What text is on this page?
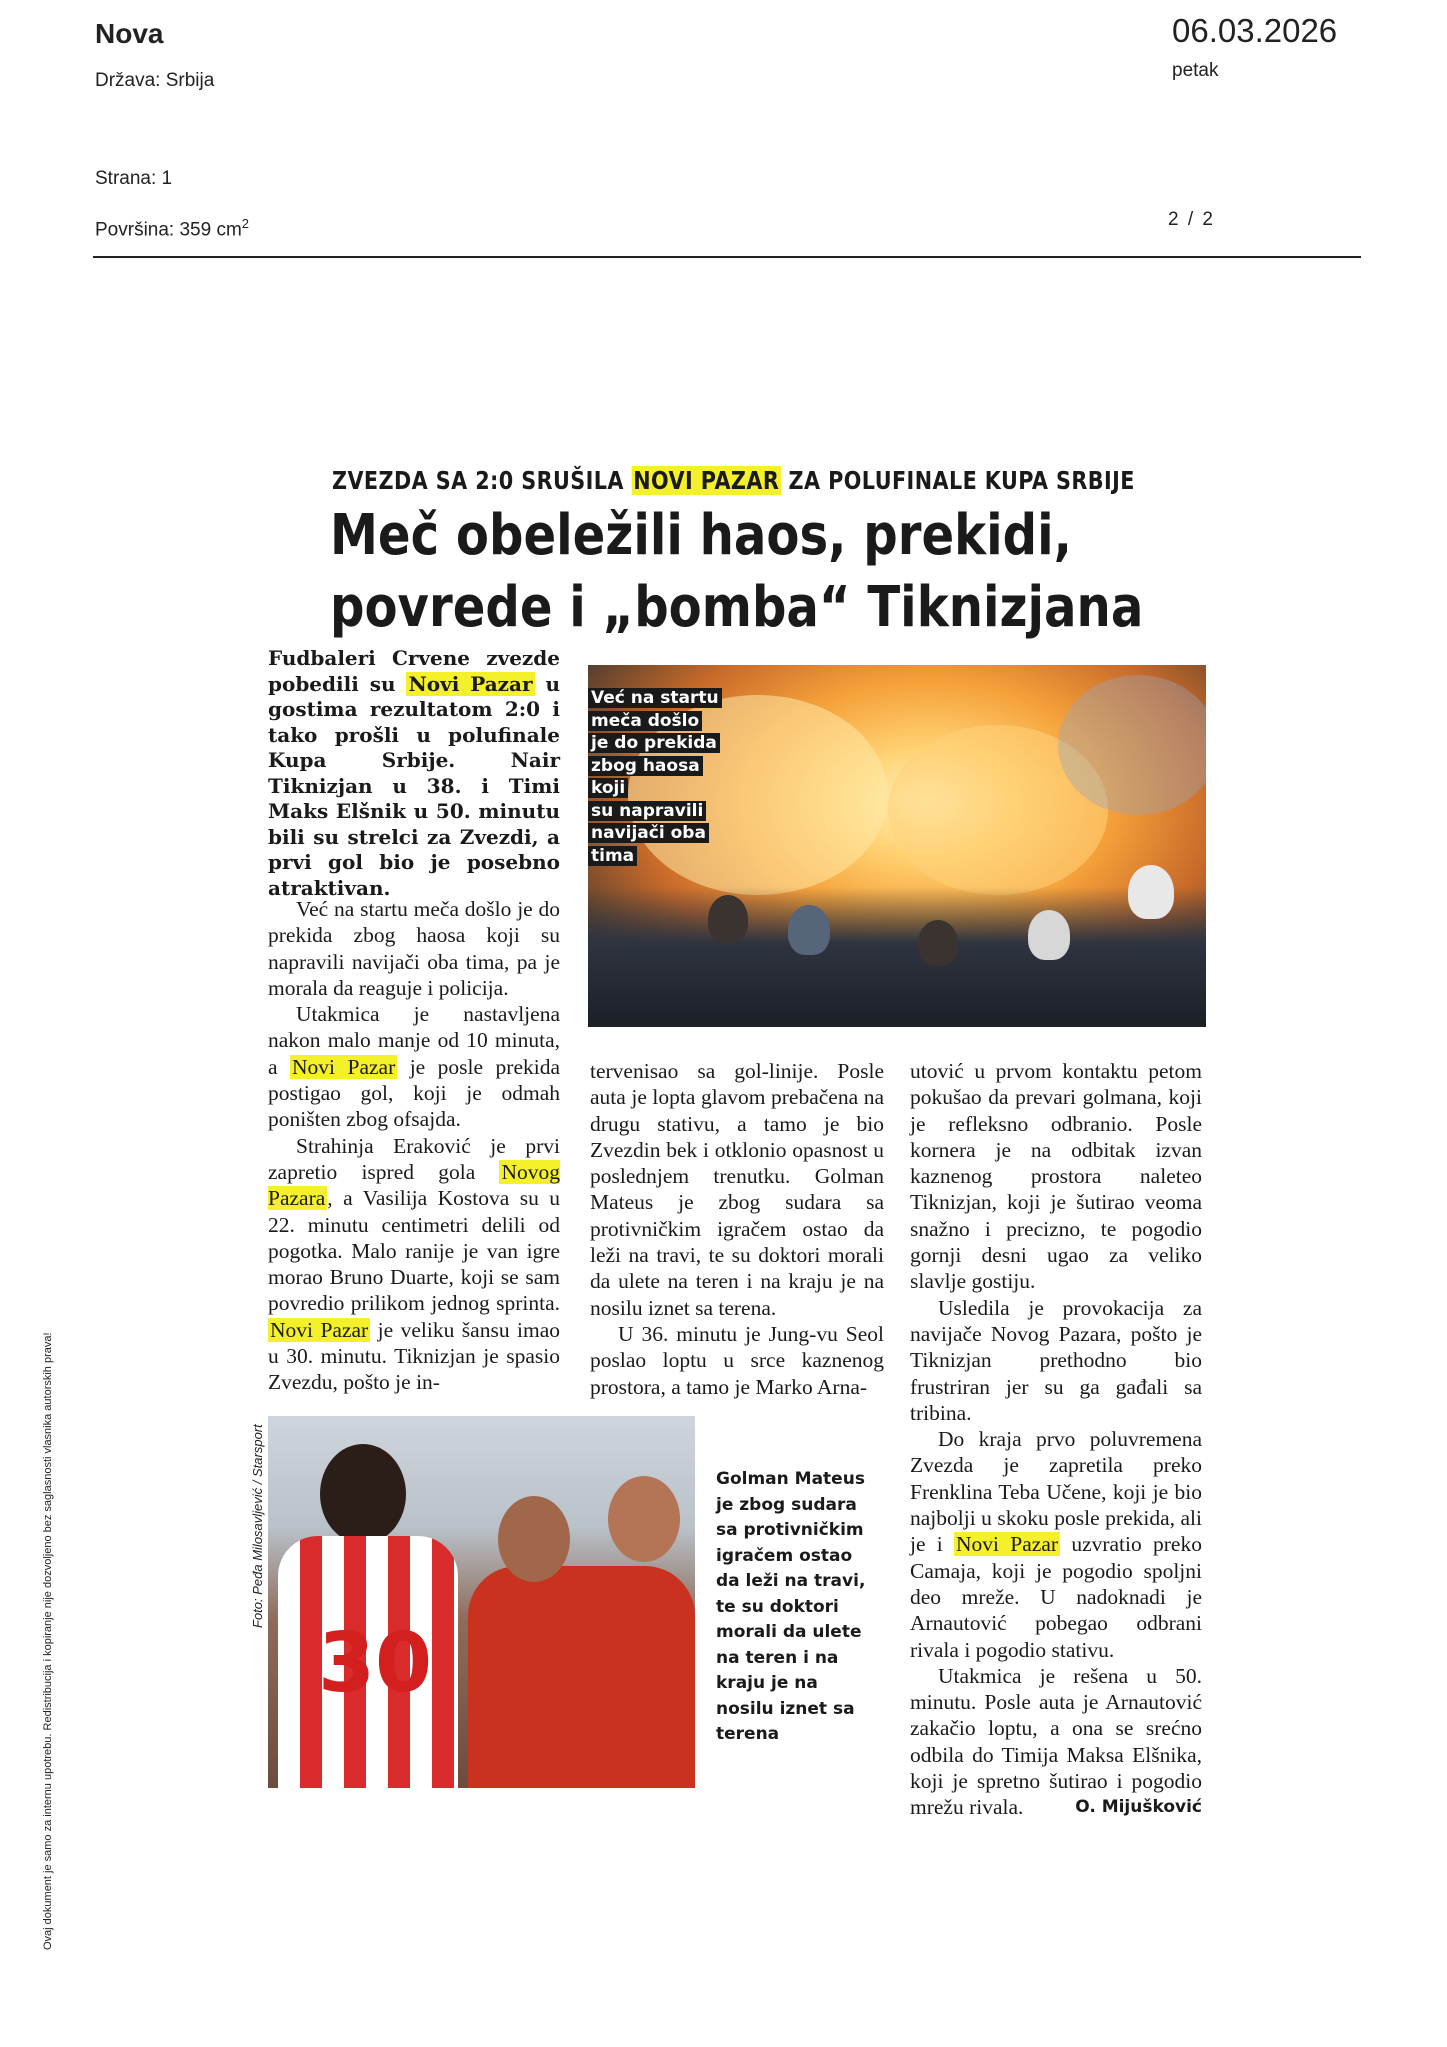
Nova
Država: Srbija
06.03.2026
petak
Strana: 1
Površina: 359 $cm^2$	2 / 2
Ovaj dokument je samo za internu upotrebu. Redistribucija i kopiranje nije dozvoljeno bez saglasnosti vlasnika autorskih prava!
ZVEZDA SA 2:0 SRUŠILA NOVI PAZAR ZA POLUFINALE KUPA SRBIJE
Meč obeležili haos, prekidi,
povrede i „bomba“ Tiknizjana
Fudbaleri Crvene zvezde pobedili su Novi Pazar u gostima rezultatom 2:0 i tako prošli u polufinale Kupa Srbije. Nair Tiknizjan u 38. i Timi Maks Elšnik u 50. minutu bili su strelci za Zvezdi, a prvi gol bio je posebno atraktivan.
Već na startu
meča došlo
je do prekida
zbog haosa koji
su napravili
navijači oba
tima

Već na startu meča došlo je do prekida zbog haosa koji su napravili navijači oba tima, pa je morala da reaguje i policija.

Utakmica je nastavljena nakon malo manje od 10 minuta, a Novi Pazar je posle prekida postigao gol, koji je odmah poništen zbog ofsajda.

Strahinja Eraković je prvi zapretio ispred gola Novog Pazara, a Vasilija Kostova su u 22. minutu centimetri delili od pogotka. Malo ranije je van igre morao Bruno Duarte, koji se sam povredio prilikom jednog sprinta. Novi Pazar je veliku šansu imao u 30. minutu. Tiknizjan je spasio Zvezdu, pošto je in-

tervenisao sa gol-linije. Posle auta je lopta glavom prebačena na drugu stativu, a tamo je bio Zvezdin bek i otklonio opasnost u poslednjem trenutku. Golman Mateus je zbog sudara sa protivničkim igračem ostao da leži na travi, te su doktori morali da ulete na teren i na kraju je na nosilu iznet sa terena.

U 36. minutu je Jung-vu Seol poslao loptu u srce kaznenog prostora, a tamo je Marko Arna-

utović u prvom kontaktu petom pokušao da prevari golmana, koji je refleksno odbranio. Posle kornera je na odbitak izvan kaznenog prostora naleteo Tiknizjan, koji je šutirao veoma snažno i precizno, te pogodio gornji desni ugao za veliko slavlje gostiju.

Usledila je provokacija za navijače Novog Pazara, pošto je Tiknizjan prethodno bio frustriran jer su ga gađali sa tribina.

Do kraja prvo poluvremena Zvezda je zapretila preko Frenklina Teba Učene, koji je bio najbolji u skoku posle prekida, ali je i Novi Pazar uzvratio preko Camaja, koji je pogodio spoljni deo mreže. U nadoknadi je Arnautović pobegao odbrani rivala i pogodio stativu.

Utakmica je rešena u 50. minutu. Posle auta je Arnautović zakačio loptu, a ona se srećno odbila do Timija Maksa Elšnika, koji je spretno šutirao i pogodio mrežu rivala.	O. Mijušković

30
Foto: Peđa Milosavljević / Starsport	Golman Mateus je zbog sudara sa protivničkim igračem ostao da leži na travi, te su doktori morali da ulete na teren i na kraju je na nosilu iznet sa terena
